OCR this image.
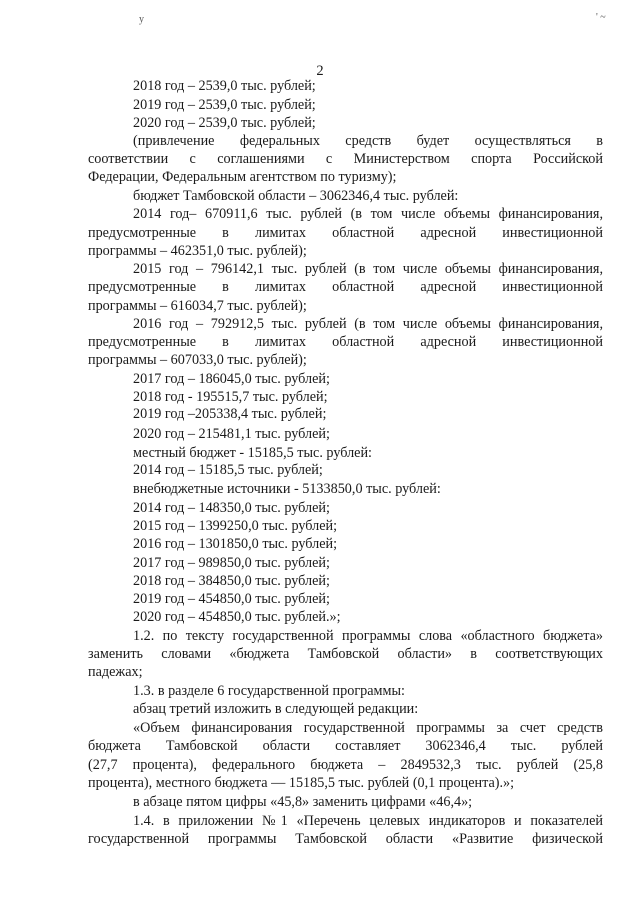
у	' ~
2
2018 год – 2539,0 тыс. рублей;
2019 год – 2539,0 тыс. рублей;
2020 год – 2539,0 тыс. рублей;
(привлечение федеральных средств будет осуществляться в
соответствии с соглашениями с Министерством спорта Российской
Федерации, Федеральным агентством по туризму);
бюджет Тамбовской области – 3062346,4 тыс. рублей:
2014 год– 670911,6 тыс. рублей (в том числе объемы финансирования,
предусмотренные в лимитах областной адресной инвестиционной
программы – 462351,0 тыс. рублей);
2015 год – 796142,1 тыс. рублей (в том числе объемы финансирования,
предусмотренные в лимитах областной адресной инвестиционной
программы – 616034,7 тыс. рублей);
2016 год – 792912,5 тыс. рублей (в том числе объемы финансирования,
предусмотренные в лимитах областной адресной инвестиционной
программы – 607033,0 тыс. рублей);
2017 год – 186045,0 тыс. рублей;
2018 год - 195515,7 тыс. рублей;
2019 год –205338,4 тыс. рублей;
2020 год – 215481,1 тыс. рублей;
местный бюджет - 15185,5 тыс. рублей:
2014 год – 15185,5 тыс. рублей;
внебюджетные источники - 5133850,0 тыс. рублей:
2014 год – 148350,0 тыс. рублей;
2015 год – 1399250,0 тыс. рублей;
2016 год – 1301850,0 тыс. рублей;
2017 год – 989850,0 тыс. рублей;
2018 год – 384850,0 тыс. рублей;
2019 год – 454850,0 тыс. рублей;
2020 год – 454850,0 тыс. рублей.»;
1.2. по тексту государственной программы слова «областного бюджета»
заменить словами «бюджета Тамбовской области» в соответствующих
падежах;
1.3. в разделе 6 государственной программы:
абзац третий изложить в следующей редакции:
«Объем финансирования государственной программы за счет средств
бюджета Тамбовской области составляет 3062346,4 тыс. рублей
(27,7 процента), федерального бюджета – 2849532,3 тыс. рублей (25,8
процента), местного бюджета — 15185,5 тыс. рублей (0,1 процента).»;
в абзаце пятом цифры «45,8» заменить цифрами «46,4»;
1.4. в приложении №1 «Перечень целевых индикаторов и показателей
государственной программы Тамбовской области «Развитие физической
